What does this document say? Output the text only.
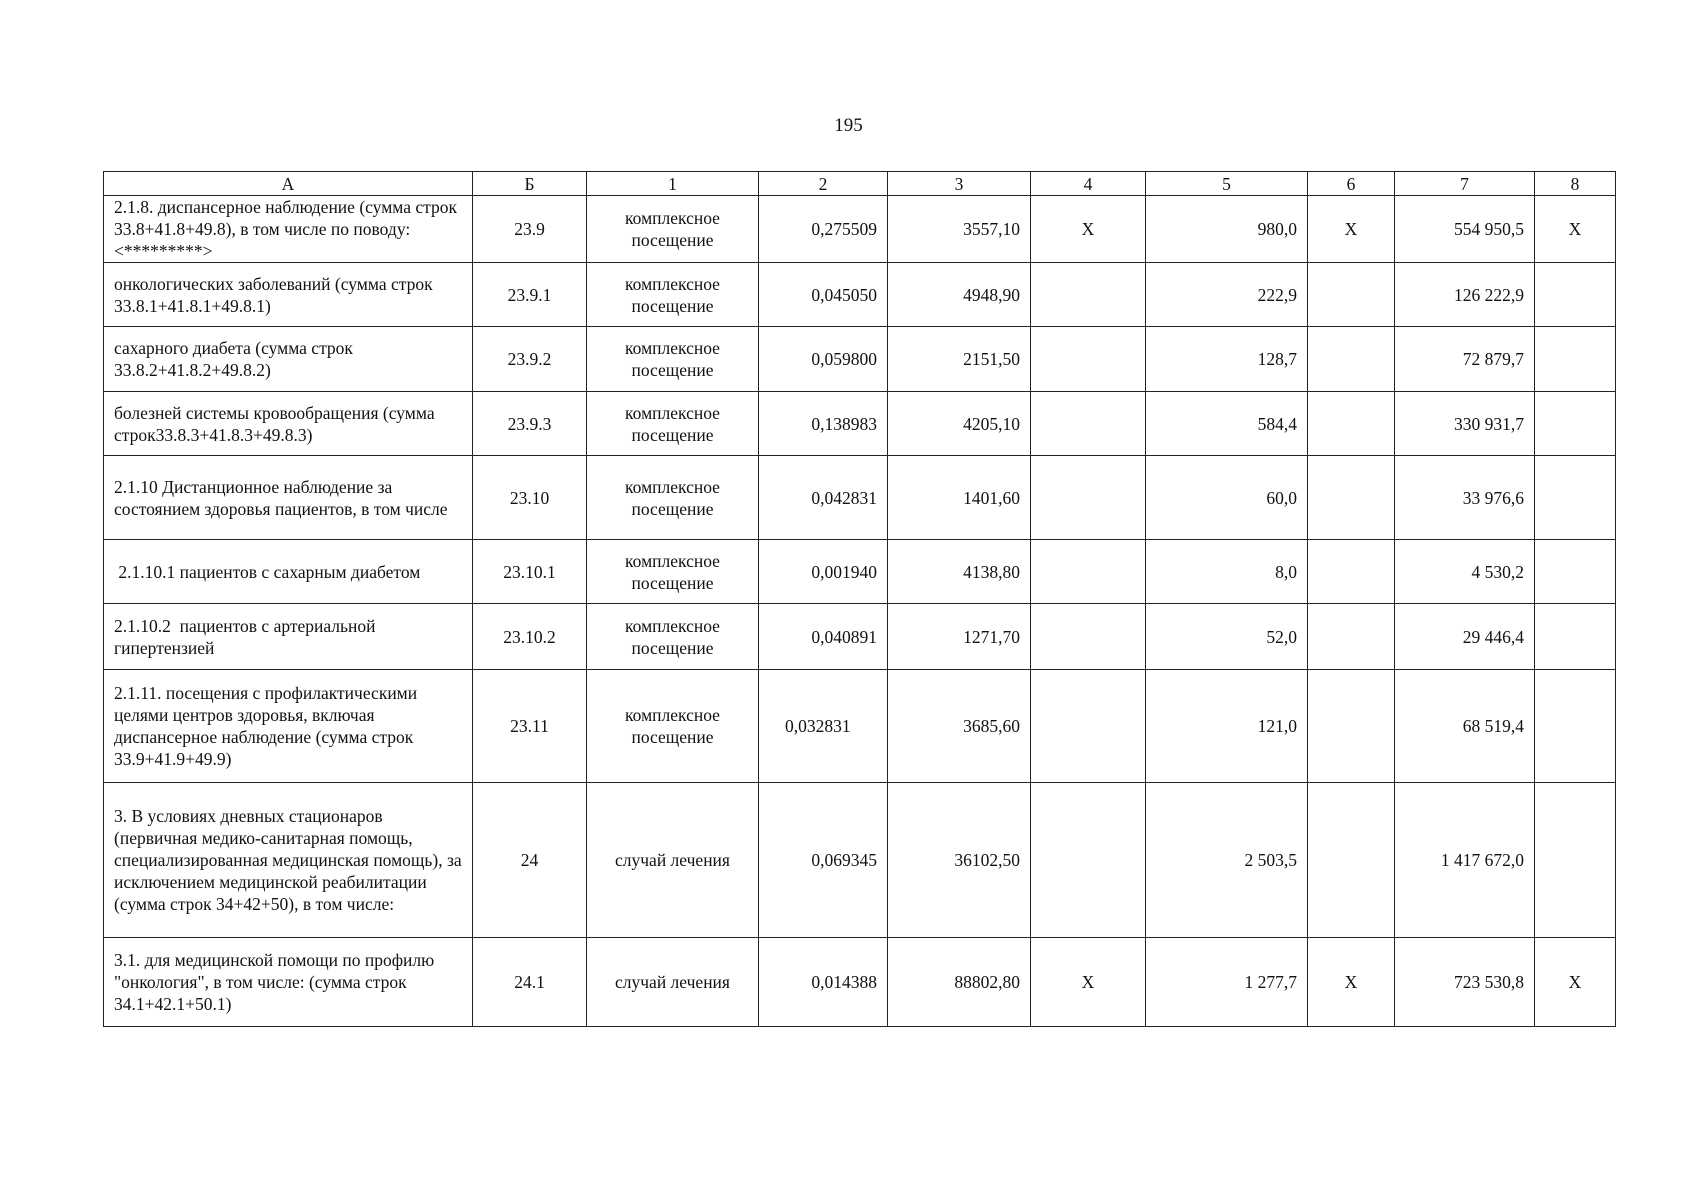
195
А	Б	1	2	3	4	5	6	7	8
2.1.8. диспансерное наблюдение (сумма строк 33.8+41.8+49.8), в том числе по поводу:<*********>	23.9	комплексное посещение	0,275509	3557,10	Х	980,0	Х	554 950,5	Х
онкологических заболеваний (сумма строк 33.8.1+41.8.1+49.8.1)	23.9.1	комплексное посещение	0,045050	4948,90		222,9		126 222,9	
сахарного диабета (сумма строк 33.8.2+41.8.2+49.8.2)	23.9.2	комплексное посещение	0,059800	2151,50		128,7		72 879,7	
болезней системы кровообращения (сумма строк33.8.3+41.8.3+49.8.3)	23.9.3	комплексное посещение	0,138983	4205,10		584,4		330 931,7	
2.1.10 Дистанционное наблюдение за состоянием здоровья пациентов, в том числе	23.10	комплексное посещение	0,042831	1401,60		60,0		33 976,6	
2.1.10.1 пациентов с сахарным диабетом	23.10.1	комплексное посещение	0,001940	4138,80		8,0		4 530,2	
2.1.10.2  пациентов с артериальной гипертензией	23.10.2	комплексное посещение	0,040891	1271,70		52,0		29 446,4	
2.1.11. посещения с профилактическими целями центров здоровья, включая диспансерное наблюдение (сумма строк 33.9+41.9+49.9)	23.11	комплексное посещение	0,032831	3685,60		121,0		68 519,4	
3. В условиях дневных стационаров (первичная медико-санитарная помощь, специализированная медицинская помощь), за исключением медицинской реабилитации (сумма строк 34+42+50), в том числе:	24	случай лечения	0,069345	36102,50		2 503,5		1 417 672,0	
3.1. для медицинской помощи по профилю "онкология", в том числе: (сумма строк 34.1+42.1+50.1)	24.1	случай лечения	0,014388	88802,80	Х	1 277,7	Х	723 530,8	Х
